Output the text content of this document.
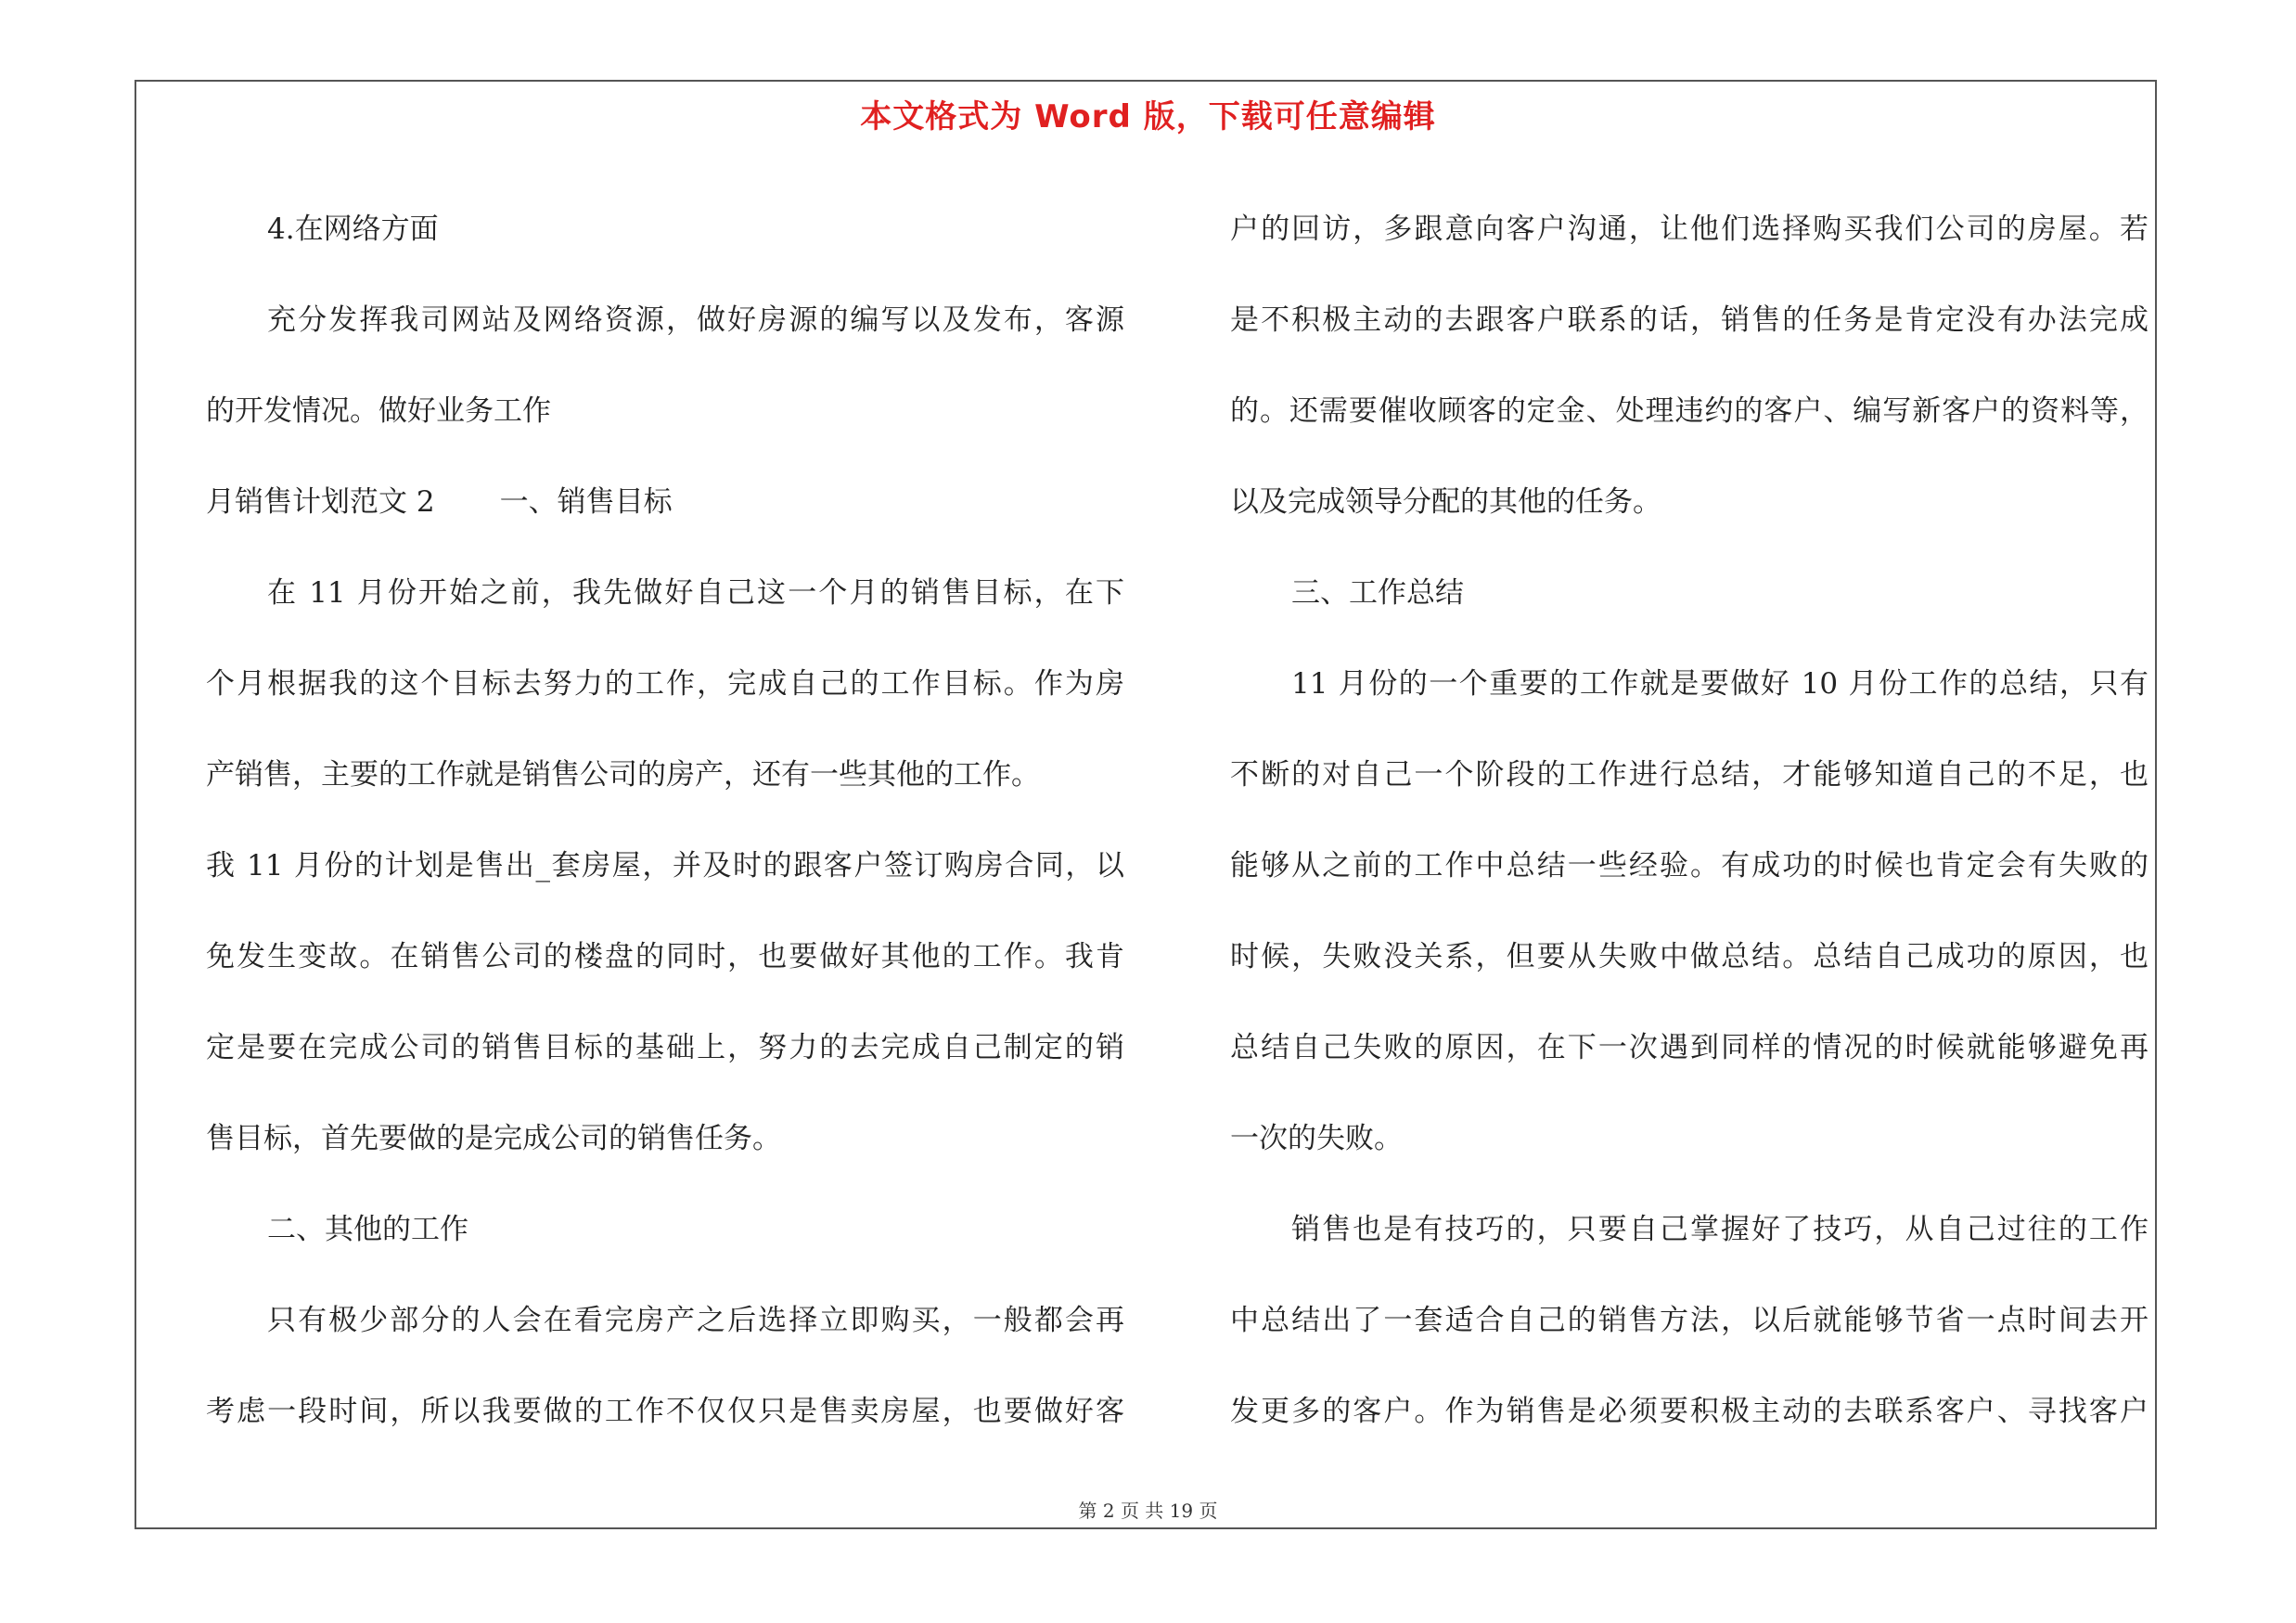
本文格式为 Word 版，下载可任意编辑
4.在网络方面
充分发挥我司网站及网络资源，做好房源的编写以及发布，客源
的开发情况。做好业务工作
月销售计划范文 2 一、销售目标
在 11 月份开始之前，我先做好自己这一个月的销售目标，在下
个月根据我的这个目标去努力的工作，完成自己的工作目标。作为房
产销售，主要的工作就是销售公司的房产，还有一些其他的工作。
我 11 月份的计划是售出_套房屋，并及时的跟客户签订购房合同，以
免发生变故。在销售公司的楼盘的同时，也要做好其他的工作。我肯
定是要在完成公司的销售目标的基础上，努力的去完成自己制定的销
售目标，首先要做的是完成公司的销售任务。
二、其他的工作
只有极少部分的人会在看完房产之后选择立即购买，一般都会再
考虑一段时间，所以我要做的工作不仅仅只是售卖房屋，也要做好客
户的回访，多跟意向客户沟通，让他们选择购买我们公司的房屋。若
是不积极主动的去跟客户联系的话，销售的任务是肯定没有办法完成
的。还需要催收顾客的定金、处理违约的客户、编写新客户的资料等，
以及完成领导分配的其他的任务。
三、工作总结
11 月份的一个重要的工作就是要做好 10 月份工作的总结，只有
不断的对自己一个阶段的工作进行总结，才能够知道自己的不足，也
能够从之前的工作中总结一些经验。有成功的时候也肯定会有失败的
时候，失败没关系，但要从失败中做总结。总结自己成功的原因，也
总结自己失败的原因，在下一次遇到同样的情况的时候就能够避免再
一次的失败。
销售也是有技巧的，只要自己掌握好了技巧，从自己过往的工作
中总结出了一套适合自己的销售方法，以后就能够节省一点时间去开
发更多的客户。作为销售是必须要积极主动的去联系客户、寻找客户
第 2 页 共 19 页
